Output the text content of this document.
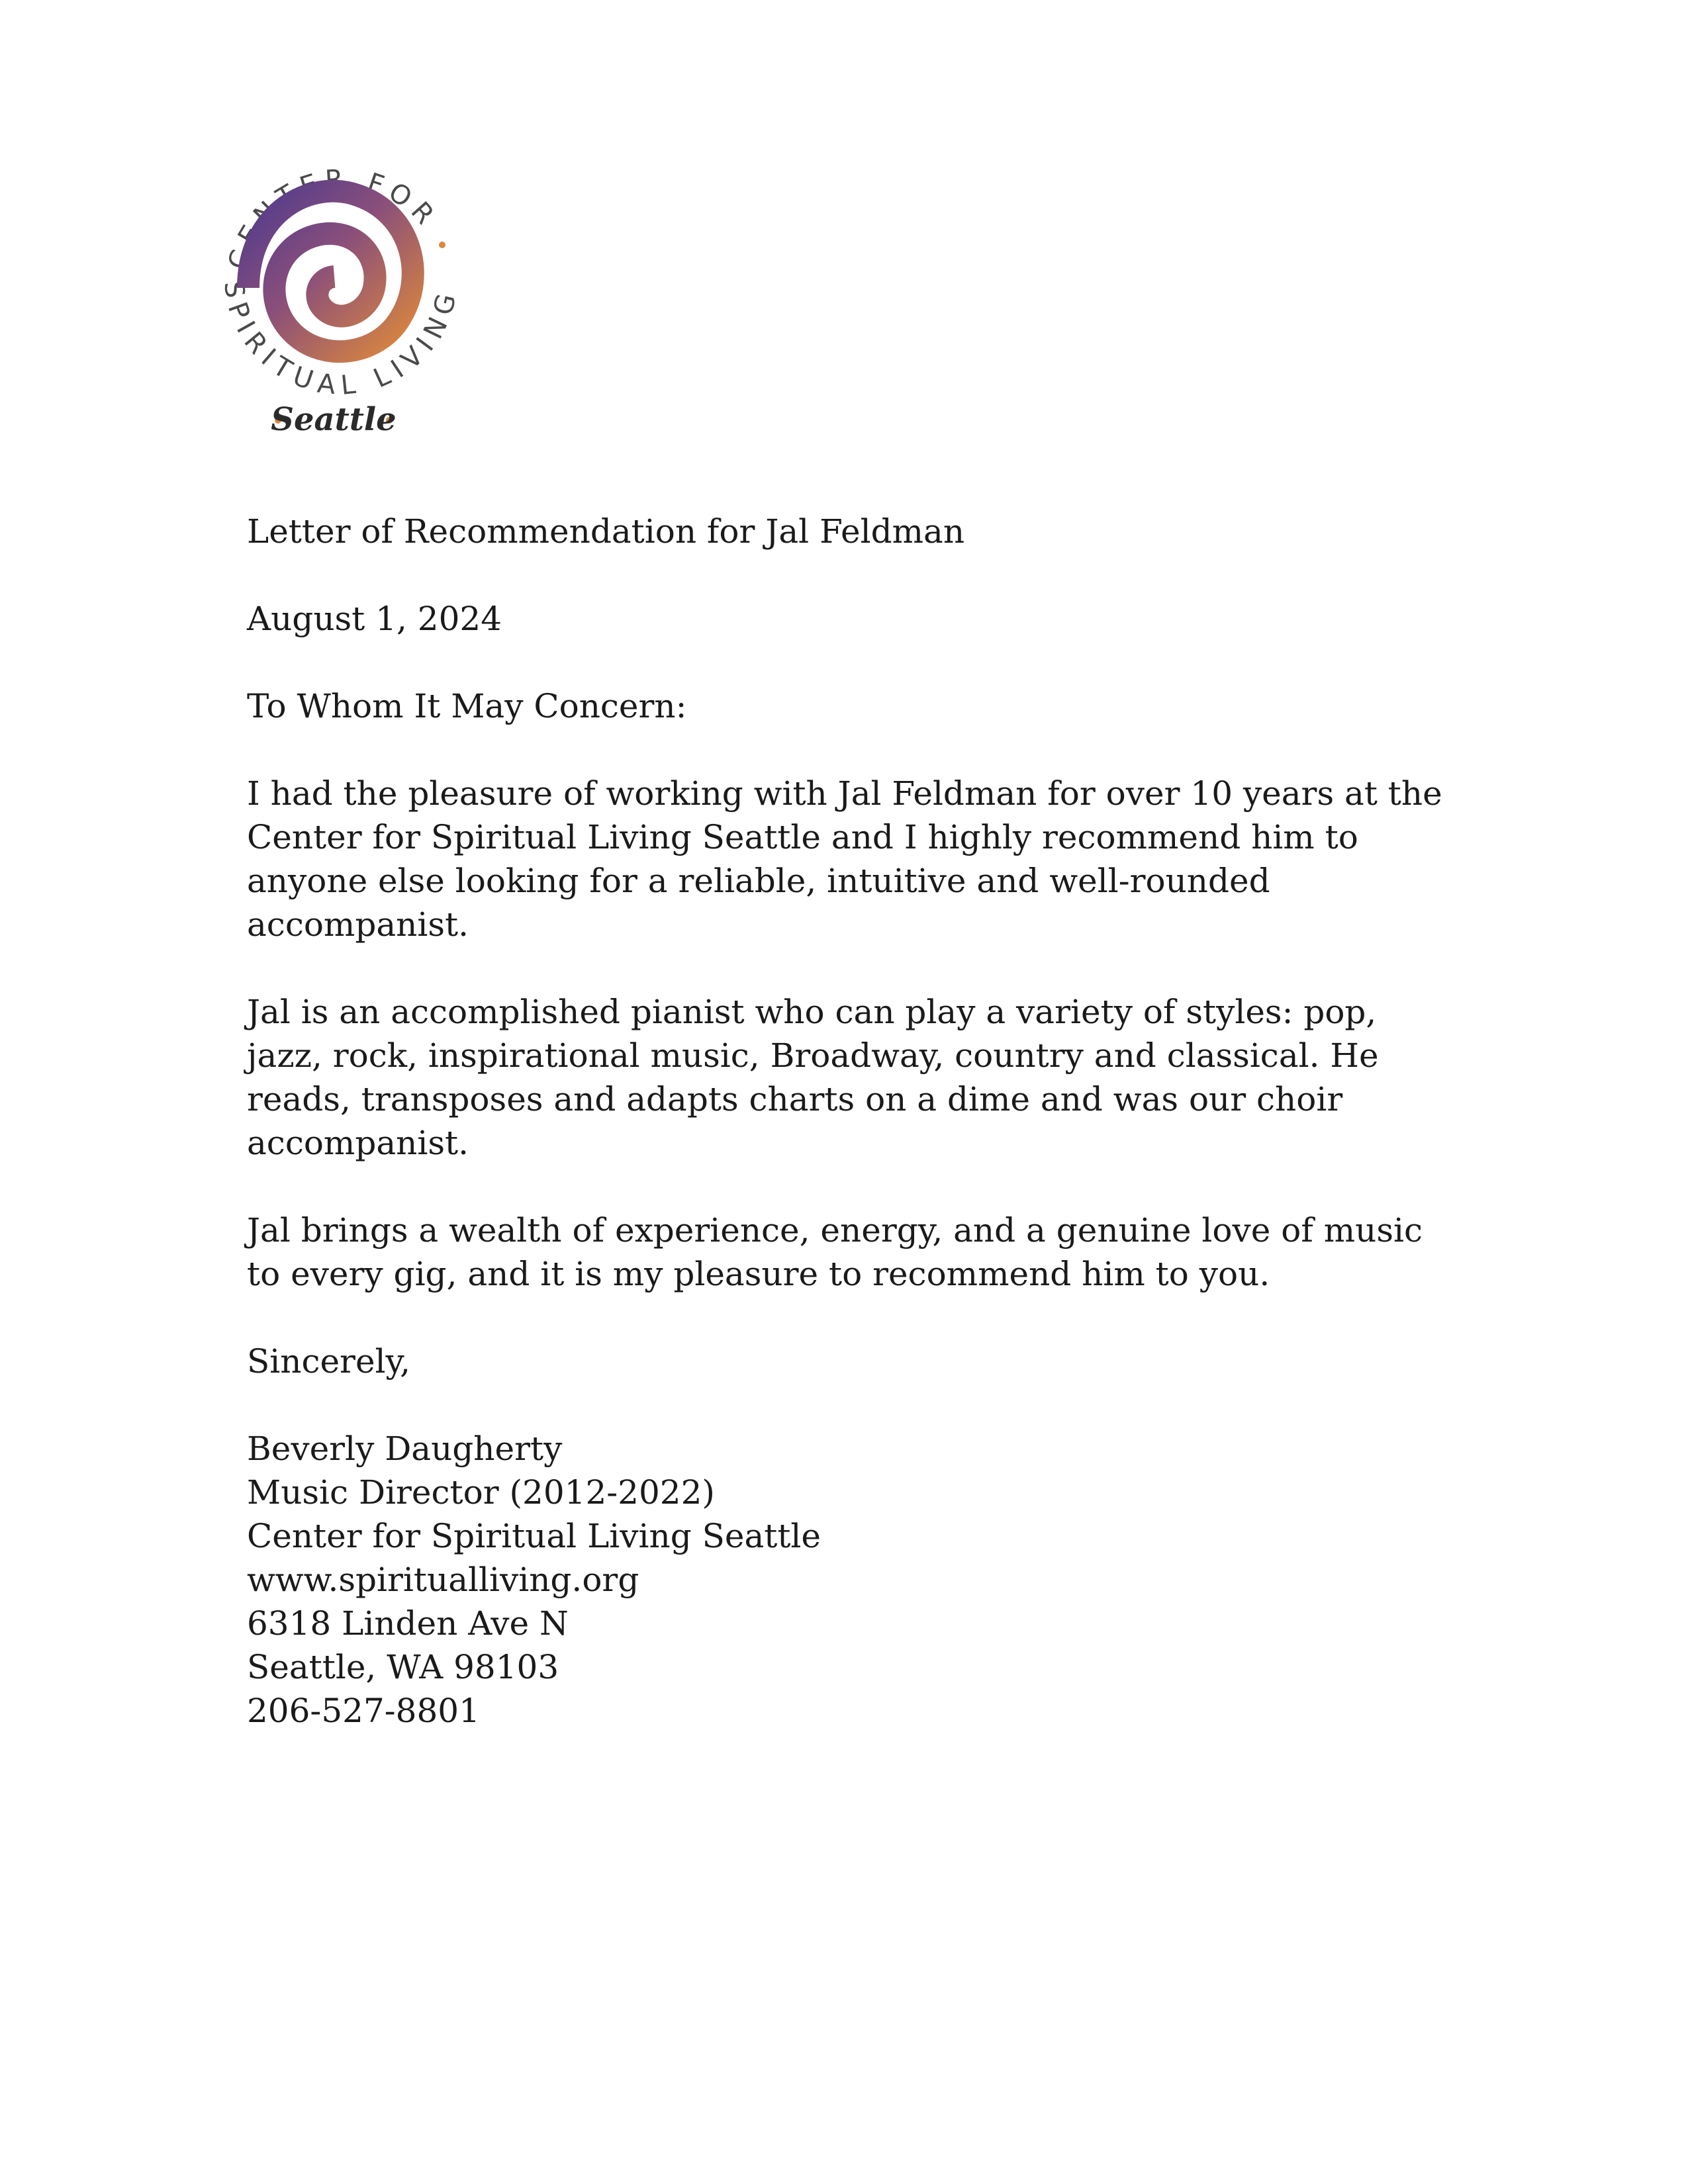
CENTER FOR
SPIRITUAL LIVING
Seattle

Letter of Recommendation for Jal Feldman

August 1, 2024

To Whom It May Concern:

I had the pleasure of working with Jal Feldman for over 10 years at the Center for Spiritual Living Seattle and I highly recommend him to anyone else looking for a reliable, intuitive and well-rounded accompanist.

Jal is an accomplished pianist who can play a variety of styles: pop, jazz, rock, inspirational music, Broadway, country and classical. He reads, transposes and adapts charts on a dime and was our choir accompanist.

Jal brings a wealth of experience, energy, and a genuine love of music to every gig, and it is my pleasure to recommend him to you.

Sincerely,

Beverly Daugherty
Music Director (2012-2022)
Center for Spiritual Living Seattle
www.spiritualliving.org
6318 Linden Ave N
Seattle, WA 98103
206-527-8801
